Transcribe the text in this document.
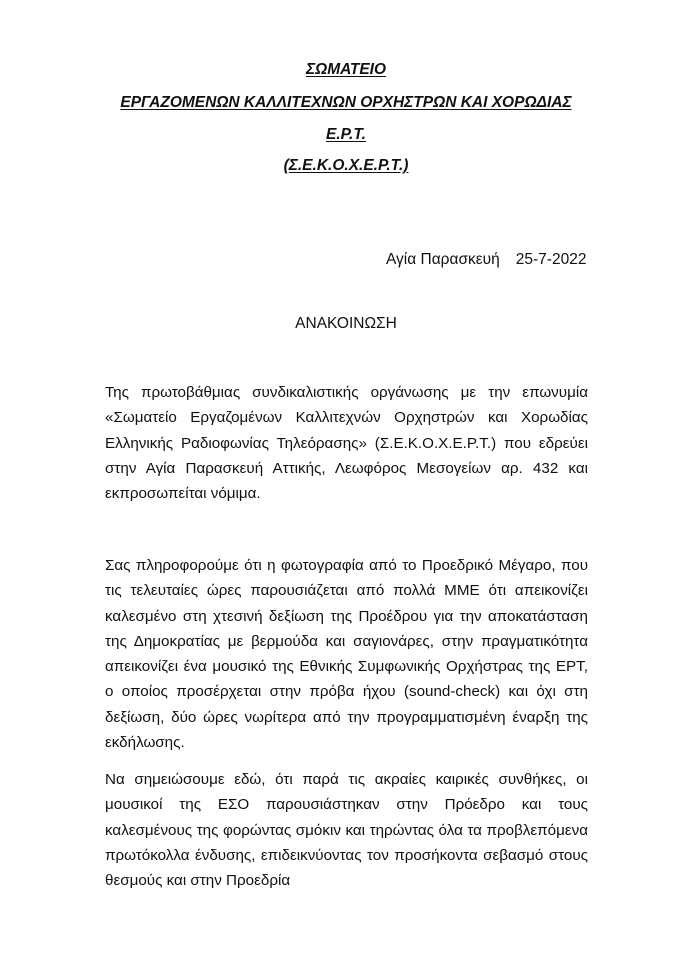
ΣΩΜΑΤΕΙΟ

ΕΡΓΑΖΟΜΕΝΩΝ ΚΑΛΛΙΤΕΧΝΩΝ ΟΡΧΗΣΤΡΩΝ ΚΑΙ ΧΟΡΩΔΙΑΣ

Ε.Ρ.Τ.

(Σ.Ε.Κ.Ο.Χ.Ε.Ρ.Τ.)

Αγία Παρασκευή 25-7-2022

ΑΝΑΚΟΙΝΩΣΗ

Της πρωτοβάθμιας συνδικαλιστικής οργάνωσης με την επωνυμία «Σωματείο Εργαζομένων Καλλιτεχνών Ορχηστρών και Χορωδίας Ελληνικής Ραδιοφωνίας Τηλεόρασης» (Σ.Ε.Κ.Ο.Χ.Ε.Ρ.Τ.) που εδρεύει στην Αγία Παρασκευή Αττικής, Λεωφόρος Μεσογείων αρ. 432 και εκπροσωπείται νόμιμα.

Σας πληροφορούμε ότι η φωτογραφία από το Προεδρικό Μέγαρο, που τις τελευταίες ώρες παρουσιάζεται από πολλά ΜΜΕ ότι απεικονίζει καλεσμένο στη χτεσινή δεξίωση της Προέδρου για την αποκατάσταση της Δημοκρατίας με βερμούδα και σαγιονάρες, στην πραγματικότητα απεικονίζει ένα μουσικό της Εθνικής Συμφωνικής Ορχήστρας της ΕΡΤ, ο οποίος προσέρχεται στην πρόβα ήχου (sound-check) και όχι στη δεξίωση, δύο ώρες νωρίτερα από την προγραμματισμένη έναρξη της εκδήλωσης.

Να σημειώσουμε εδώ, ότι παρά τις ακραίες καιρικές συνθήκες, οι μουσικοί της ΕΣΟ παρουσιάστηκαν στην Πρόεδρο και τους καλεσμένους της φορώντας σμόκιν και τηρώντας όλα τα προβλεπόμενα πρωτόκολλα ένδυσης, επιδεικνύοντας τον προσήκοντα σεβασμό στους θεσμούς και στην Προεδρία
